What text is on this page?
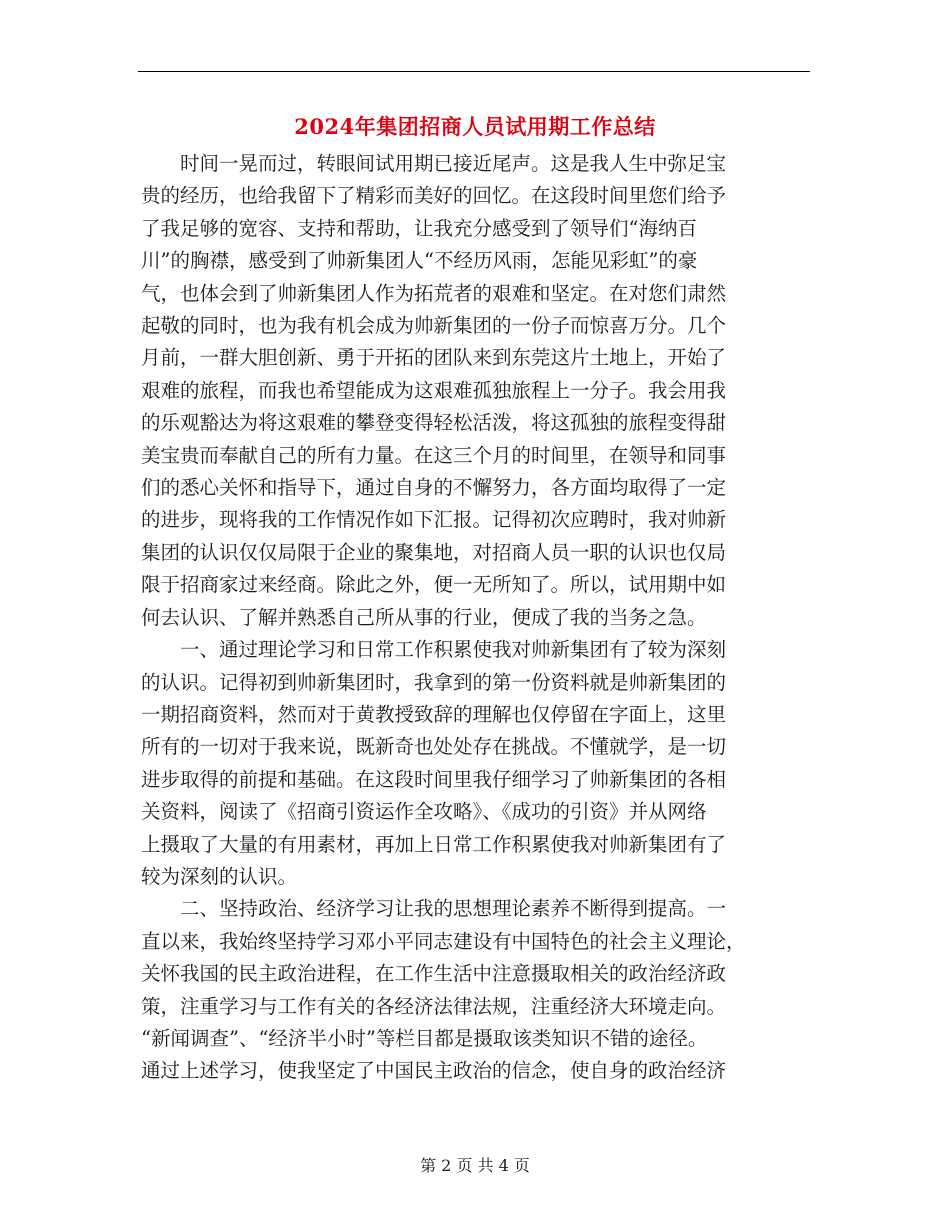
2024年集团招商人员试用期工作总结

　　时间一晃而过，转眼间试用期已接近尾声。这是我人生中弥足宝
贵的经历，也给我留下了精彩而美好的回忆。在这段时间里您们给予
了我足够的宽容、支持和帮助，让我充分感受到了领导们“海纳百
川”的胸襟，感受到了帅新集团人“不经历风雨，怎能见彩虹”的豪
气，也体会到了帅新集团人作为拓荒者的艰难和坚定。在对您们肃然
起敬的同时，也为我有机会成为帅新集团的一份子而惊喜万分。几个
月前，一群大胆创新、勇于开拓的团队来到东莞这片土地上，开始了
艰难的旅程，而我也希望能成为这艰难孤独旅程上一分子。我会用我
的乐观豁达为将这艰难的攀登变得轻松活泼，将这孤独的旅程变得甜
美宝贵而奉献自己的所有力量。在这三个月的时间里，在领导和同事
们的悉心关怀和指导下，通过自身的不懈努力，各方面均取得了一定
的进步，现将我的工作情况作如下汇报。记得初次应聘时，我对帅新
集团的认识仅仅局限于企业的聚集地，对招商人员一职的认识也仅局
限于招商家过来经商。除此之外，便一无所知了。所以，试用期中如
何去认识、了解并熟悉自己所从事的行业，便成了我的当务之急。

　　一、通过理论学习和日常工作积累使我对帅新集团有了较为深刻
的认识。记得初到帅新集团时，我拿到的第一份资料就是帅新集团的
一期招商资料，然而对于黄教授致辞的理解也仅停留在字面上，这里
所有的一切对于我来说，既新奇也处处存在挑战。不懂就学，是一切
进步取得的前提和基础。在这段时间里我仔细学习了帅新集团的各相
关资料，阅读了《招商引资运作全攻略》、《成功的引资》并从网络
上摄取了大量的有用素材，再加上日常工作积累使我对帅新集团有了
较为深刻的认识。

　　二、坚持政治、经济学习让我的思想理论素养不断得到提高。一
直以来，我始终坚持学习邓小平同志建设有中国特色的社会主义理论，
关怀我国的民主政治进程，在工作生活中注意摄取相关的政治经济政
策，注重学习与工作有关的各经济法律法规，注重经济大环境走向。
“新闻调查”、“经济半小时”等栏目都是摄取该类知识不错的途径。
通过上述学习，使我坚定了中国民主政治的信念，使自身的政治经济

第 2 页 共 4 页
